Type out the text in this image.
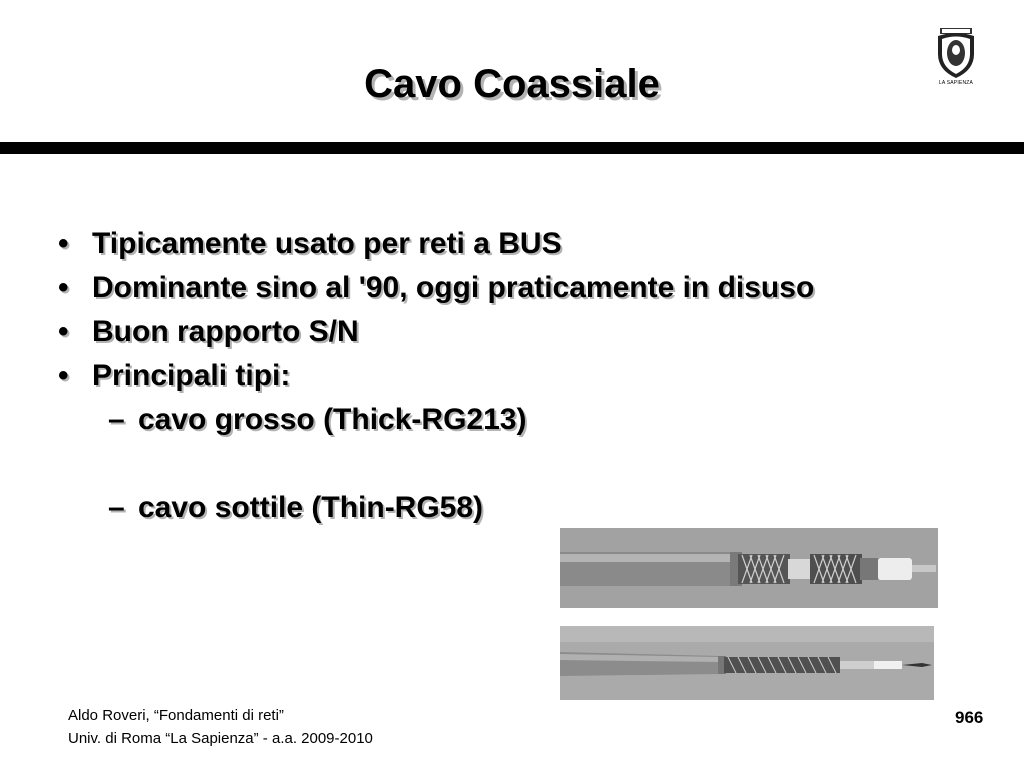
Cavo Coassiale	LA SAPIENZA
• Tipicamente usato per reti a BUS
• Dominante sino al '90, oggi praticamente in disuso
• Buon rapporto S/N
• Principali tipi:
– cavo grosso (Thick-RG213)
– cavo sottile (Thin-RG58)
Aldo Roveri, “Fondamenti di reti”
Univ. di Roma “La Sapienza” - a.a. 2009-2010
966
